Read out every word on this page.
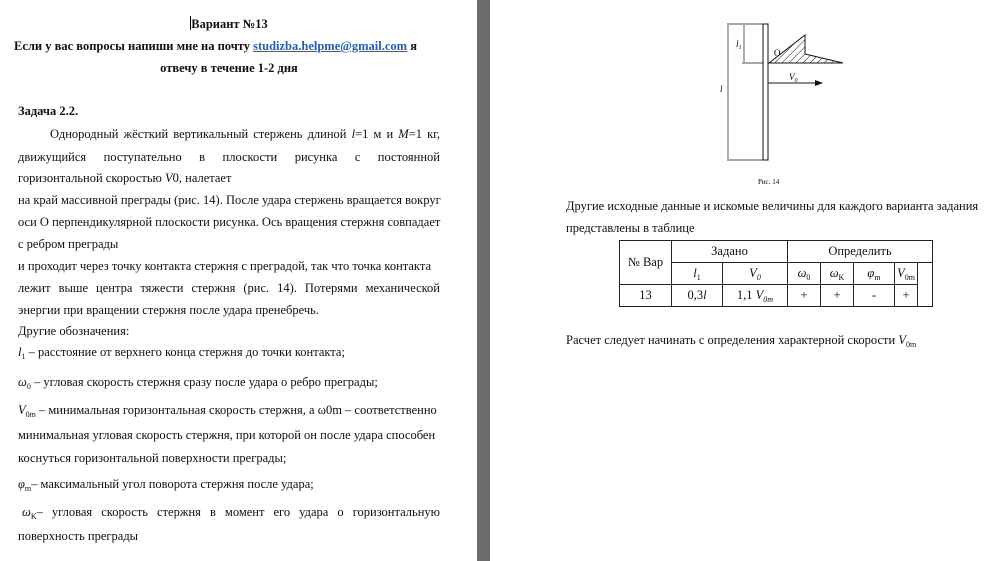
Вариант №13
Если у вас вопросы напиши мне на почту studizba.helpme@gmail.com я
отвечу в течение 1-2 дня
Задача 2.2.
Однородный жёсткий вертикальный стержень длиной l=1 м и M=1 кг,
движущийся поступательно в плоскости рисунка с постоянной
горизонтальной скоростью V0, налетает
на край массивной преграды (рис. 14). После удара стержень вращается вокруг
оси О перпендикулярной плоскости рисунка. Ось вращения стержня совпадает
с ребром преграды
и проходит через точку контакта стержня с преградой, так что точка контакта
лежит выше центра тяжести стержня (рис. 14). Потерями механической
энергии при вращении стержня после удара пренебречь.
Другие обозначения:
$l_1$ – расстояние от верхнего конца стержня до точки контакта;
$\omega_0$ – угловая скорость стержня сразу после удара о ребро преграды;
$V_{0m}$ – минимальная горизонтальная скорость стержня, а ω0m – соответственно
минимальная угловая скорость стержня, при которой он после удара способен
коснуться горизонтальной поверхности преграды;
$\varphi_m-$ максимальный угол поворота стержня после удара;
$\omega_K-$ угловая скорость стержня в момент его удара о горизонтальную
поверхность преграды
l
$l_1$	O
$V_0$
Рис. 14
Другие исходные данные и искомые величины для каждого варианта задания
представлены в таблице
№ Вар	Задано		Определить				
	$l_1$	$V_0$	$\omega_0$	$\omega_K$	$\varphi_m$	$V_{0m}$	
13	0,3l	1,1 $V_{0m}$	+	+	-	+	
Расчет следует начинать с определения характерной скорости $V_{0m}$
